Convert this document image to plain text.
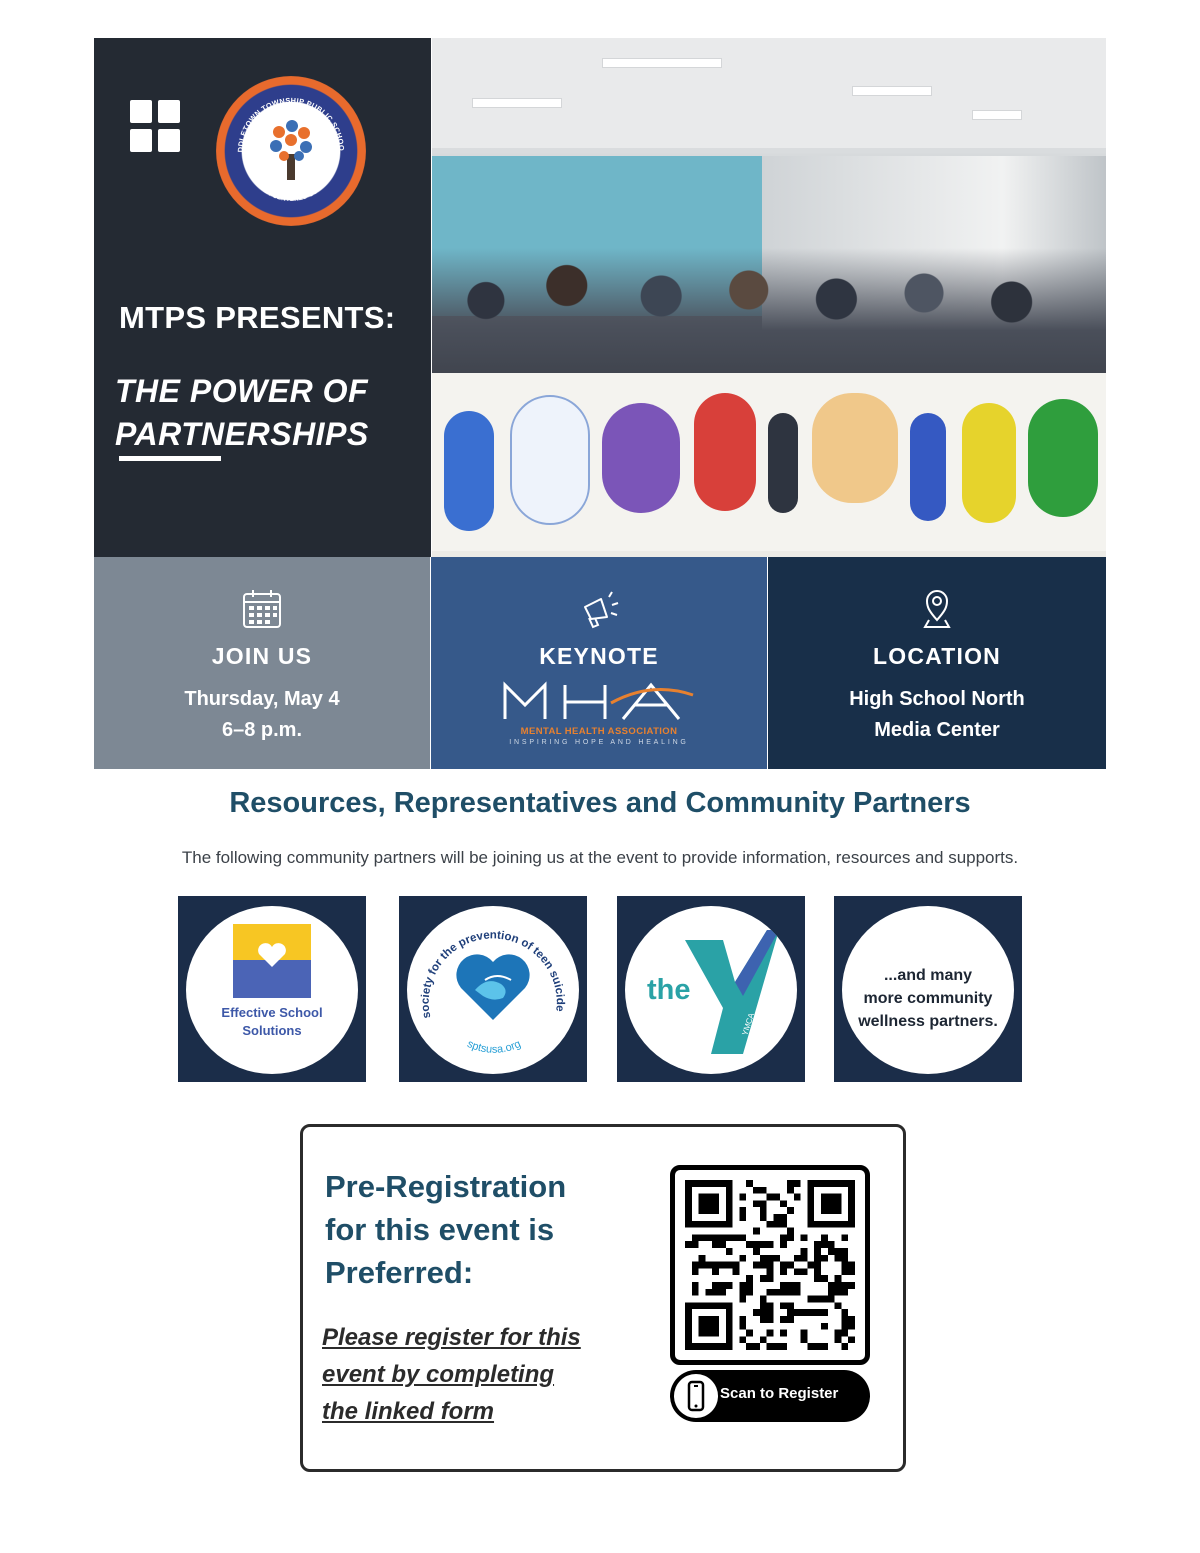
DDLETOWN TOWNSHIP PUBLIC SCHOO
A LEARNER-CENTERED COMMUNITY
MTPS PRESENTS:
THE POWER OF
PARTNERSHIPS
JOIN US
Thursday, May 4
6–8 p.m.
KEYNOTE
MENTAL HEALTH ASSOCIATION
INSPIRING HOPE AND HEALING
LOCATION
High School North
Media Center
Resources, Representatives and Community Partners
The following community partners will be joining us at the event to provide information, resources and supports.
Effective School
Solutions
society for the prevention of teen suicide
sptsusa.org
the
YMCA
...and many
more community
wellness partners.
Pre-Registration
for this event is
Preferred:
Please register for this
event by completing
the linked form
Scan to Register
